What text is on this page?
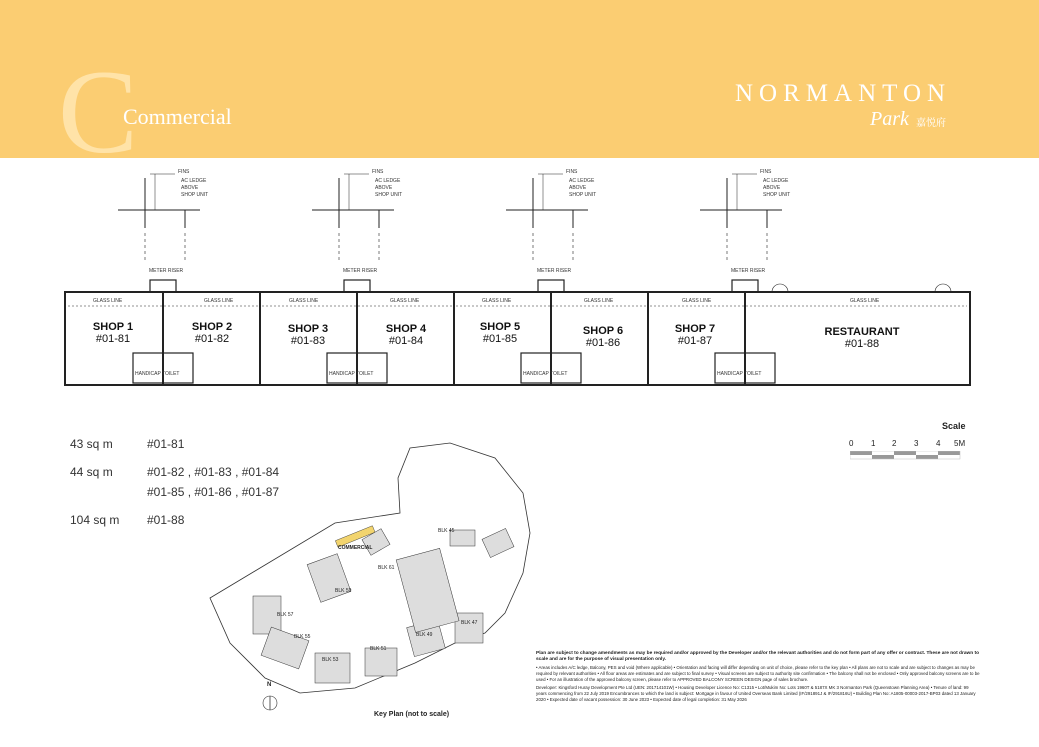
C
Commercial
NORMANTON
Park 嘉悦府
FINS
AC LEDGE
ABOVE
SHOP UNIT
FINS
AC LEDGE
ABOVE
SHOP UNIT
FINS
AC LEDGE
ABOVE
SHOP UNIT
FINS
AC LEDGE
ABOVE
SHOP UNIT
METER RISER	METER RISER	METER RISER	METER RISER
GLASS LINE	GLASS LINE	GLASS LINE	GLASS LINE	GLASS LINE	GLASS LINE	GLASS LINE	GLASS LINE
HANDICAP TOILET	HANDICAP TOILET	HANDICAP TOILET	HANDICAP TOILET
SHOP 1
#01-81
SHOP 2
#01-82
SHOP 3
#01-83
SHOP 4
#01-84
SHOP 5
#01-85
SHOP 6
#01-86
SHOP 7
#01-87
RESTAURANT
#01-88
43 sq m	#01-81
44 sq m	#01-82 , #01-83 , #01-84
#01-85 , #01-86 , #01-87
104 sq m #01-88
Scale
0 1 2 3 4 5M
COMMERCIAL
BLK 45
BLK 61
BLK 59
BLK 57
BLK 55
BLK 53
BLK 51
BLK 49
BLK 47
N
Key Plan (not to scale)

Plan are subject to change amendments as may be required and/or approved by the Developer and/or the relevant authorities and do not form part of any offer or contract. These are not drawn to scale and are for the purpose of visual presentation only.

• Areas includes A/C ledge, Balcony, PES and void (Where applicable) • Orientation and facing will differ depending on unit of choice, please refer to the key plan • All plans are not to scale and are subject to changes as may be required by relevant authorities • All floor areas are estimates and are subject to final survey • Visual screens are subject to authority site confirmation • The balcony shall not be enclosed • Only approved balcony screens are to be used • For an illustration of the approved balcony screen, please refer to APPROVED BALCONY SCREEN DESIGN page of sales brochure.

Developer: Kingsford Huray Development Pte Ltd (UEN: 201714101W) • Housing Developer Licence No: C1315 • Lot/Mukim No: Lots 1960T & 5187X MK 3 Normanton Park (Queenstown Planning Area) • Tenure of land: 99 years commencing from 22 July 2019 Encumbrances to which the land is subject: Mortgage in favour of United Overseas Bank Limited (IF/291891J & IF/291816U) • Building Plan No: A1805-00003-2017-BP03 dated 13 January 2020 • Expected date of vacant possession: 30 June 2023 • Expected date of legal completion: 31 May 2026
